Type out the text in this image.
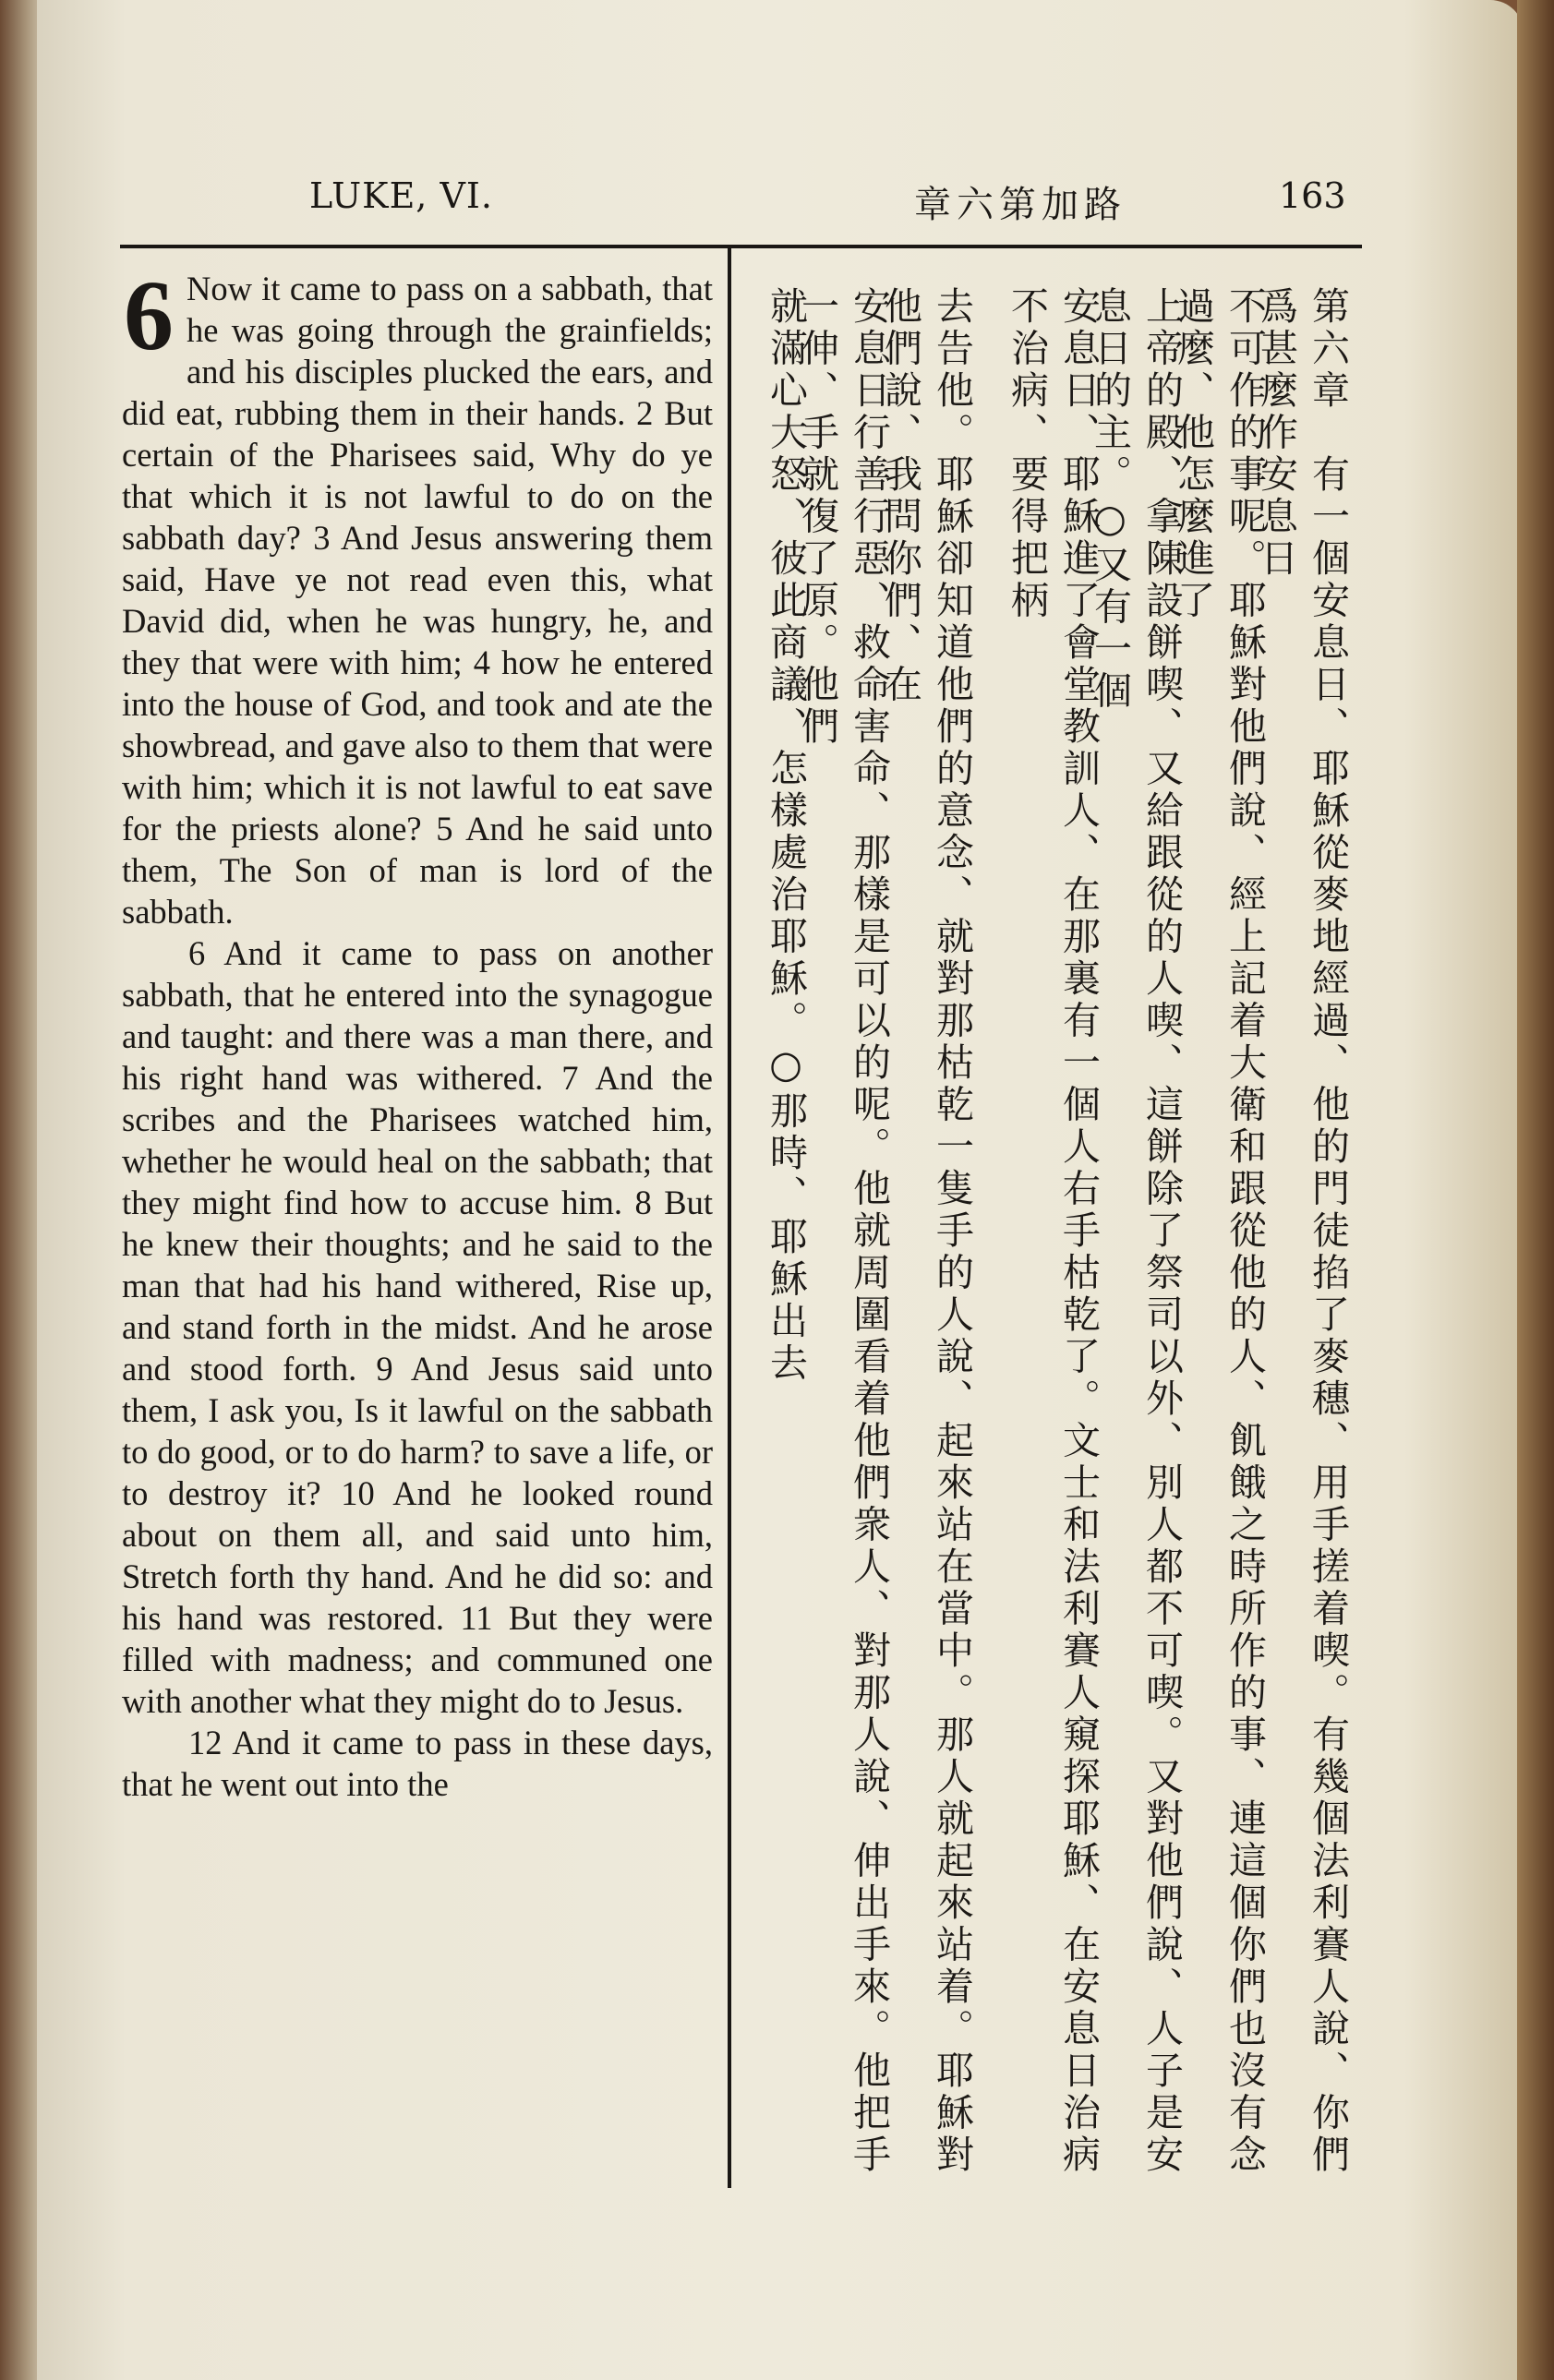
LUKE, VI.	章六第加路	163
6 Now it came to pass on a sabbath, that he was going through the grainfields; and his disciples plucked the ears, and did eat, rubbing them in their hands. 2 But certain of the Pharisees said, Why do ye that which it is not lawful to do on the sabbath day? 3 And Jesus answering them said, Have ye not read even this, what David did, when he was hungry, he, and they that were with him; 4 how he entered into the house of God, and took and ate the showbread, and gave also to them that were with him; which it is not lawful to eat save for the priests alone? 5 And he said unto them, The Son of man is lord of the sabbath.

6 And it came to pass on another sabbath, that he entered into the synagogue and taught: and there was a man there, and his right hand was withered. 7 And the scribes and the Pharisees watched him, whether he would heal on the sabbath; that they might find how to accuse him. 8 But he knew their thoughts; and he said to the man that had his hand withered, Rise up, and stand forth in the midst. And he arose and stood forth. 9 And Jesus said unto them, I ask you, Is it lawful on the sabbath to do good, or to do harm? to save a life, or to destroy it? 10 And he looked round about on them all, and said unto him, Stretch forth thy hand. And he did so: and his hand was restored. 11 But they were filled with madness; and communed one with another what they might do to Jesus.

12 And it came to pass in these days, that he went out into the	第六章　有一個安息日、耶穌從麥地經過、他的門徒掐了麥穗、用手搓着喫。有幾個法利賽人說、你們爲甚麼作安息日
不可作的事呢。耶穌對他們說、經上記着大衛和跟從他的人、飢餓之時所作的事、連這個你們也沒有念過麼、他怎麼進了
上帝的殿、拿陳設餅喫、又給跟從的人喫、這餅除了祭司以外、別人都不可喫。又對他們說、人子是安息日的主。○又有一個
安息日、耶穌進了會堂教訓人、在那裏有一個人右手枯乾了。文士和法利賽人窺探耶穌、在安息日治病不治病、要得把柄
去告他。耶穌卻知道他們的意念、就對那枯乾一隻手的人說、起來站在當中。那人就起來站着。耶穌對他們說、我問你們、在
安息日行善行惡、救命害命、那樣是可以的呢。他就周圍看着他們衆人、對那人說、伸出手來。他把手一伸、手就復了原。他們
就滿心大怒、彼此商議、怎樣處治耶穌。○那時、耶穌出去
